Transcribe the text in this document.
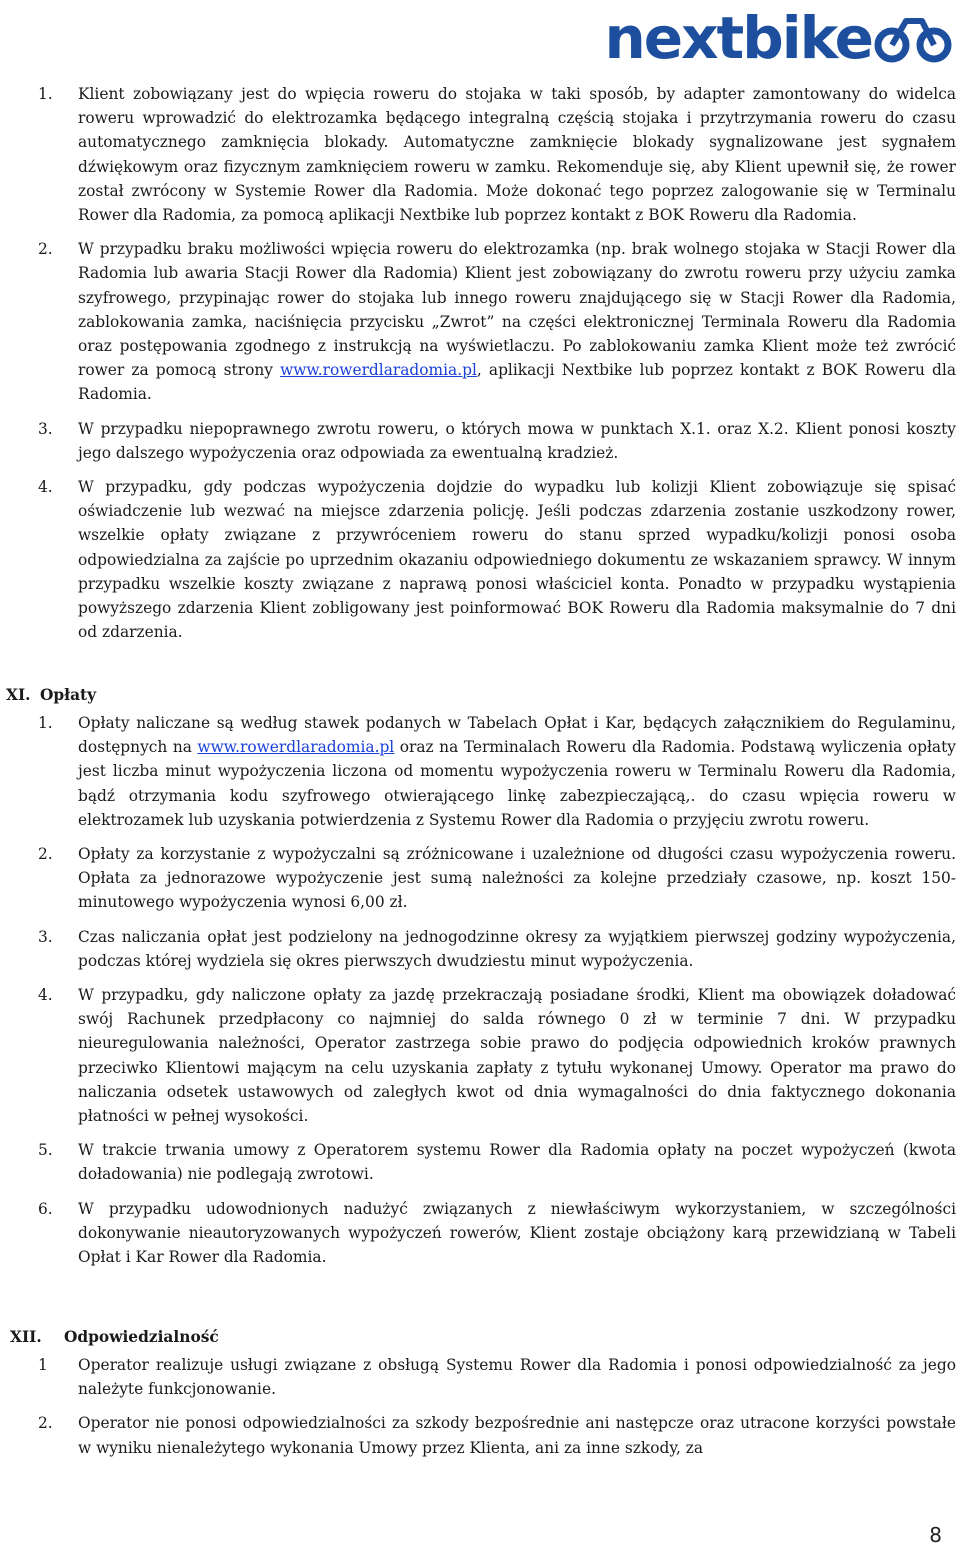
nextbike
1. Klient zobowiązany jest do wpięcia roweru do stojaka w taki sposób, by adapter zamontowany do widelca roweru wprowadzić do elektrozamka będącego integralną częścią stojaka i przytrzymania roweru do czasu automatycznego zamknięcia blokady. Automatyczne zamknięcie blokady sygnalizowane jest sygnałem dźwiękowym oraz fizycznym zamknięciem roweru w zamku. Rekomenduje się, aby Klient upewnił się, że rower został zwrócony w Systemie Rower dla Radomia. Może dokonać tego poprzez zalogowanie się w Terminalu Rower dla Radomia, za pomocą aplikacji Nextbike lub poprzez kontakt z BOK Roweru dla Radomia.
2. W przypadku braku możliwości wpięcia roweru do elektrozamka (np. brak wolnego stojaka w Stacji Rower dla Radomia lub awaria Stacji Rower dla Radomia) Klient jest zobowiązany do zwrotu roweru przy użyciu zamka szyfrowego, przypinając rower do stojaka lub innego roweru znajdującego się w Stacji Rower dla Radomia, zablokowania zamka, naciśnięcia przycisku „Zwrot” na części elektronicznej Terminala Roweru dla Radomia oraz postępowania zgodnego z instrukcją na wyświetlaczu. Po zablokowaniu zamka Klient może też zwrócić rower za pomocą strony www.rowerdlaradomia.pl, aplikacji Nextbike lub poprzez kontakt z BOK Roweru dla Radomia.
3. W przypadku niepoprawnego zwrotu roweru, o których mowa w punktach X.1. oraz X.2. Klient ponosi koszty jego dalszego wypożyczenia oraz odpowiada za ewentualną kradzież.
4. W przypadku, gdy podczas wypożyczenia dojdzie do wypadku lub kolizji Klient zobowiązuje się spisać oświadczenie lub wezwać na miejsce zdarzenia policję. Jeśli podczas zdarzenia zostanie uszkodzony rower, wszelkie opłaty związane z przywróceniem roweru do stanu sprzed wypadku/kolizji ponosi osoba odpowiedzialna za zajście po uprzednim okazaniu odpowiedniego dokumentu ze wskazaniem sprawcy. W innym przypadku wszelkie koszty związane z naprawą ponosi właściciel konta. Ponadto w przypadku wystąpienia powyższego zdarzenia Klient zobligowany jest poinformować BOK Roweru dla Radomia maksymalnie do 7 dni od zdarzenia.
XI. Opłaty
1. Opłaty naliczane są według stawek podanych w Tabelach Opłat i Kar, będących załącznikiem do Regulaminu, dostępnych na www.rowerdlaradomia.pl oraz na Terminalach Roweru dla Radomia. Podstawą wyliczenia opłaty jest liczba minut wypożyczenia liczona od momentu wypożyczenia roweru w Terminalu Roweru dla Radomia, bądź otrzymania kodu szyfrowego otwierającego linkę zabezpieczającą,. do czasu wpięcia roweru w elektrozamek lub uzyskania potwierdzenia z Systemu Rower dla Radomia o przyjęciu zwrotu roweru.
2. Opłaty za korzystanie z wypożyczalni są zróżnicowane i uzależnione od długości czasu wypożyczenia roweru. Opłata za jednorazowe wypożyczenie jest sumą należności za kolejne przedziały czasowe, np. koszt 150-minutowego wypożyczenia wynosi 6,00 zł.
3. Czas naliczania opłat jest podzielony na jednogodzinne okresy za wyjątkiem pierwszej godziny wypożyczenia, podczas której wydziela się okres pierwszych dwudziestu minut wypożyczenia.
4. W przypadku, gdy naliczone opłaty za jazdę przekraczają posiadane środki, Klient ma obowiązek doładować swój Rachunek przedpłacony co najmniej do salda równego 0 zł w terminie 7 dni. W przypadku nieuregulowania należności, Operator zastrzega sobie prawo do podjęcia odpowiednich kroków prawnych przeciwko Klientowi mającym na celu uzyskania zapłaty z tytułu wykonanej Umowy. Operator ma prawo do naliczania odsetek ustawowych od zaległych kwot od dnia wymagalności do dnia faktycznego dokonania płatności w pełnej wysokości.
5. W trakcie trwania umowy z Operatorem systemu Rower dla Radomia opłaty na poczet wypożyczeń (kwota doładowania) nie podlegają zwrotowi.
6. W przypadku udowodnionych nadużyć związanych z niewłaściwym wykorzystaniem, w szczególności dokonywanie nieautoryzowanych wypożyczeń rowerów, Klient zostaje obciążony karą przewidzianą w Tabeli Opłat i Kar Rower dla Radomia.
XII. Odpowiedzialność
1 Operator realizuje usługi związane z obsługą Systemu Rower dla Radomia i ponosi odpowiedzialność za jego należyte funkcjonowanie.
2. Operator nie ponosi odpowiedzialności za szkody bezpośrednie ani następcze oraz utracone korzyści powstałe w wyniku nienależytego wykonania Umowy przez Klienta, ani za inne szkody, za
8
